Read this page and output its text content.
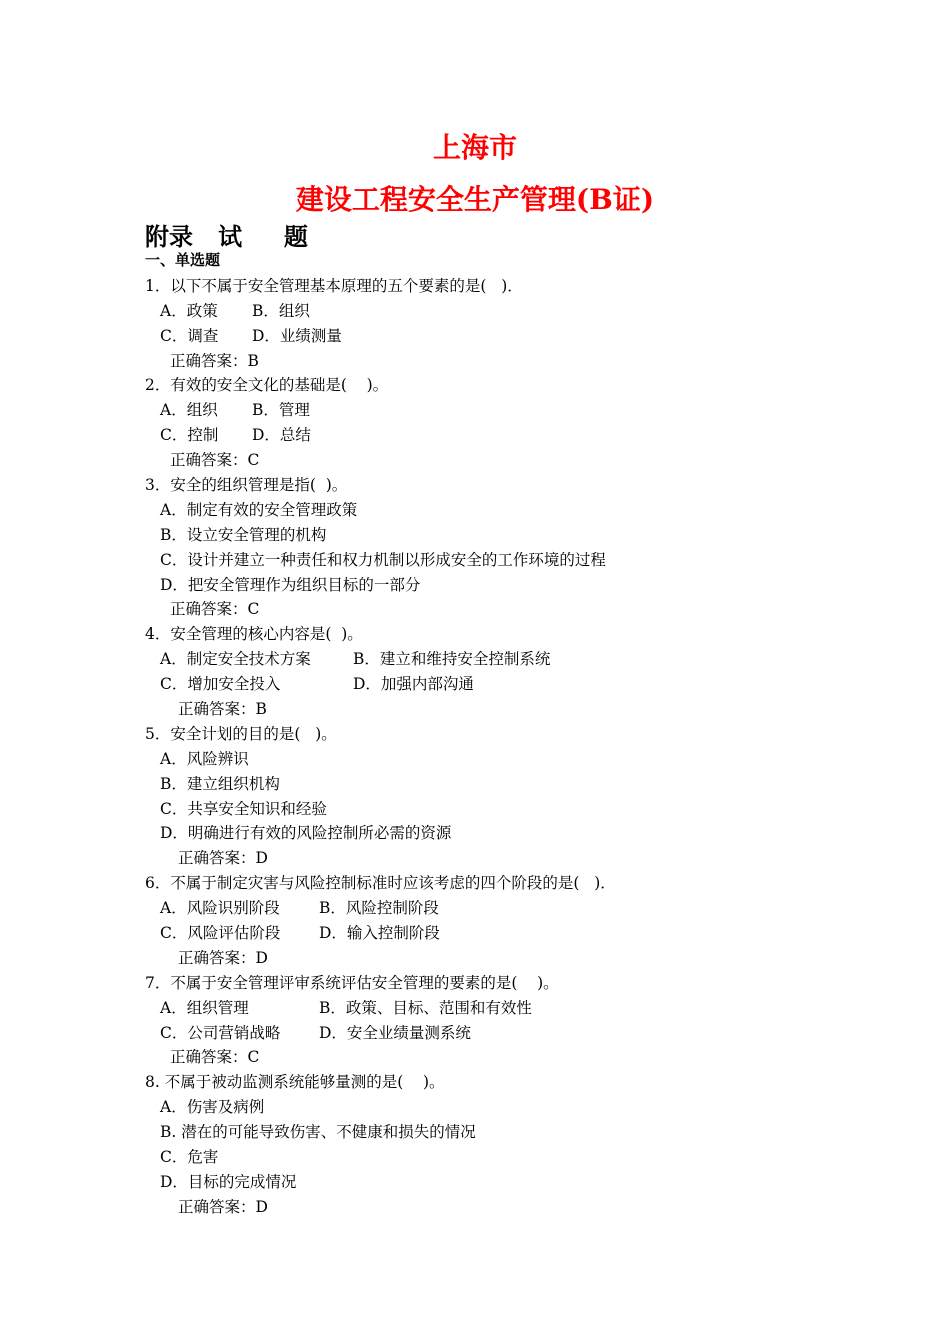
上海市
建设工程安全生产管理(B证)
附录   试     题
一、单选题
1．以下不属于安全管理基本原理的五个要素的是(   )．
A．政策 B．组织
C．调查 D．业绩测量
正确答案：B
2．有效的安全文化的基础是(    )。
A．组织 B．管理
C．控制 D．总结
正确答案：C
3．安全的组织管理是指(  )。
A．制定有效的安全管理政策
B．设立安全管理的机构
C．设计并建立一种责任和权力机制以形成安全的工作环境的过程
D．把安全管理作为组织目标的一部分
正确答案：C
4．安全管理的核心内容是(  )。
A．制定安全技术方案	B．建立和维持安全控制系统
C．增加安全投入	D．加强内部沟通
正确答案：B
5．安全计划的目的是(   )。
A．风险辨识
B．建立组织机构
C．共享安全知识和经验
D．明确进行有效的风险控制所必需的资源
正确答案：D
6．不属于制定灾害与风险控制标准时应该考虑的四个阶段的是(   )．
A．风险识别阶段	B．风险控制阶段
C．风险评估阶段 D．输入控制阶段
正确答案：D
7．不属于安全管理评审系统评估安全管理的要素的是(    )。
A．组织管理	B．政策、目标、范围和有效性
C．公司营销战略 D．安全业绩量测系统
正确答案：C
8. 不属于被动监测系统能够量测的是(    )。
A．伤害及病例
B. 潜在的可能导致伤害、不健康和损失的情况
C．危害
D．目标的完成情况
正确答案：D
